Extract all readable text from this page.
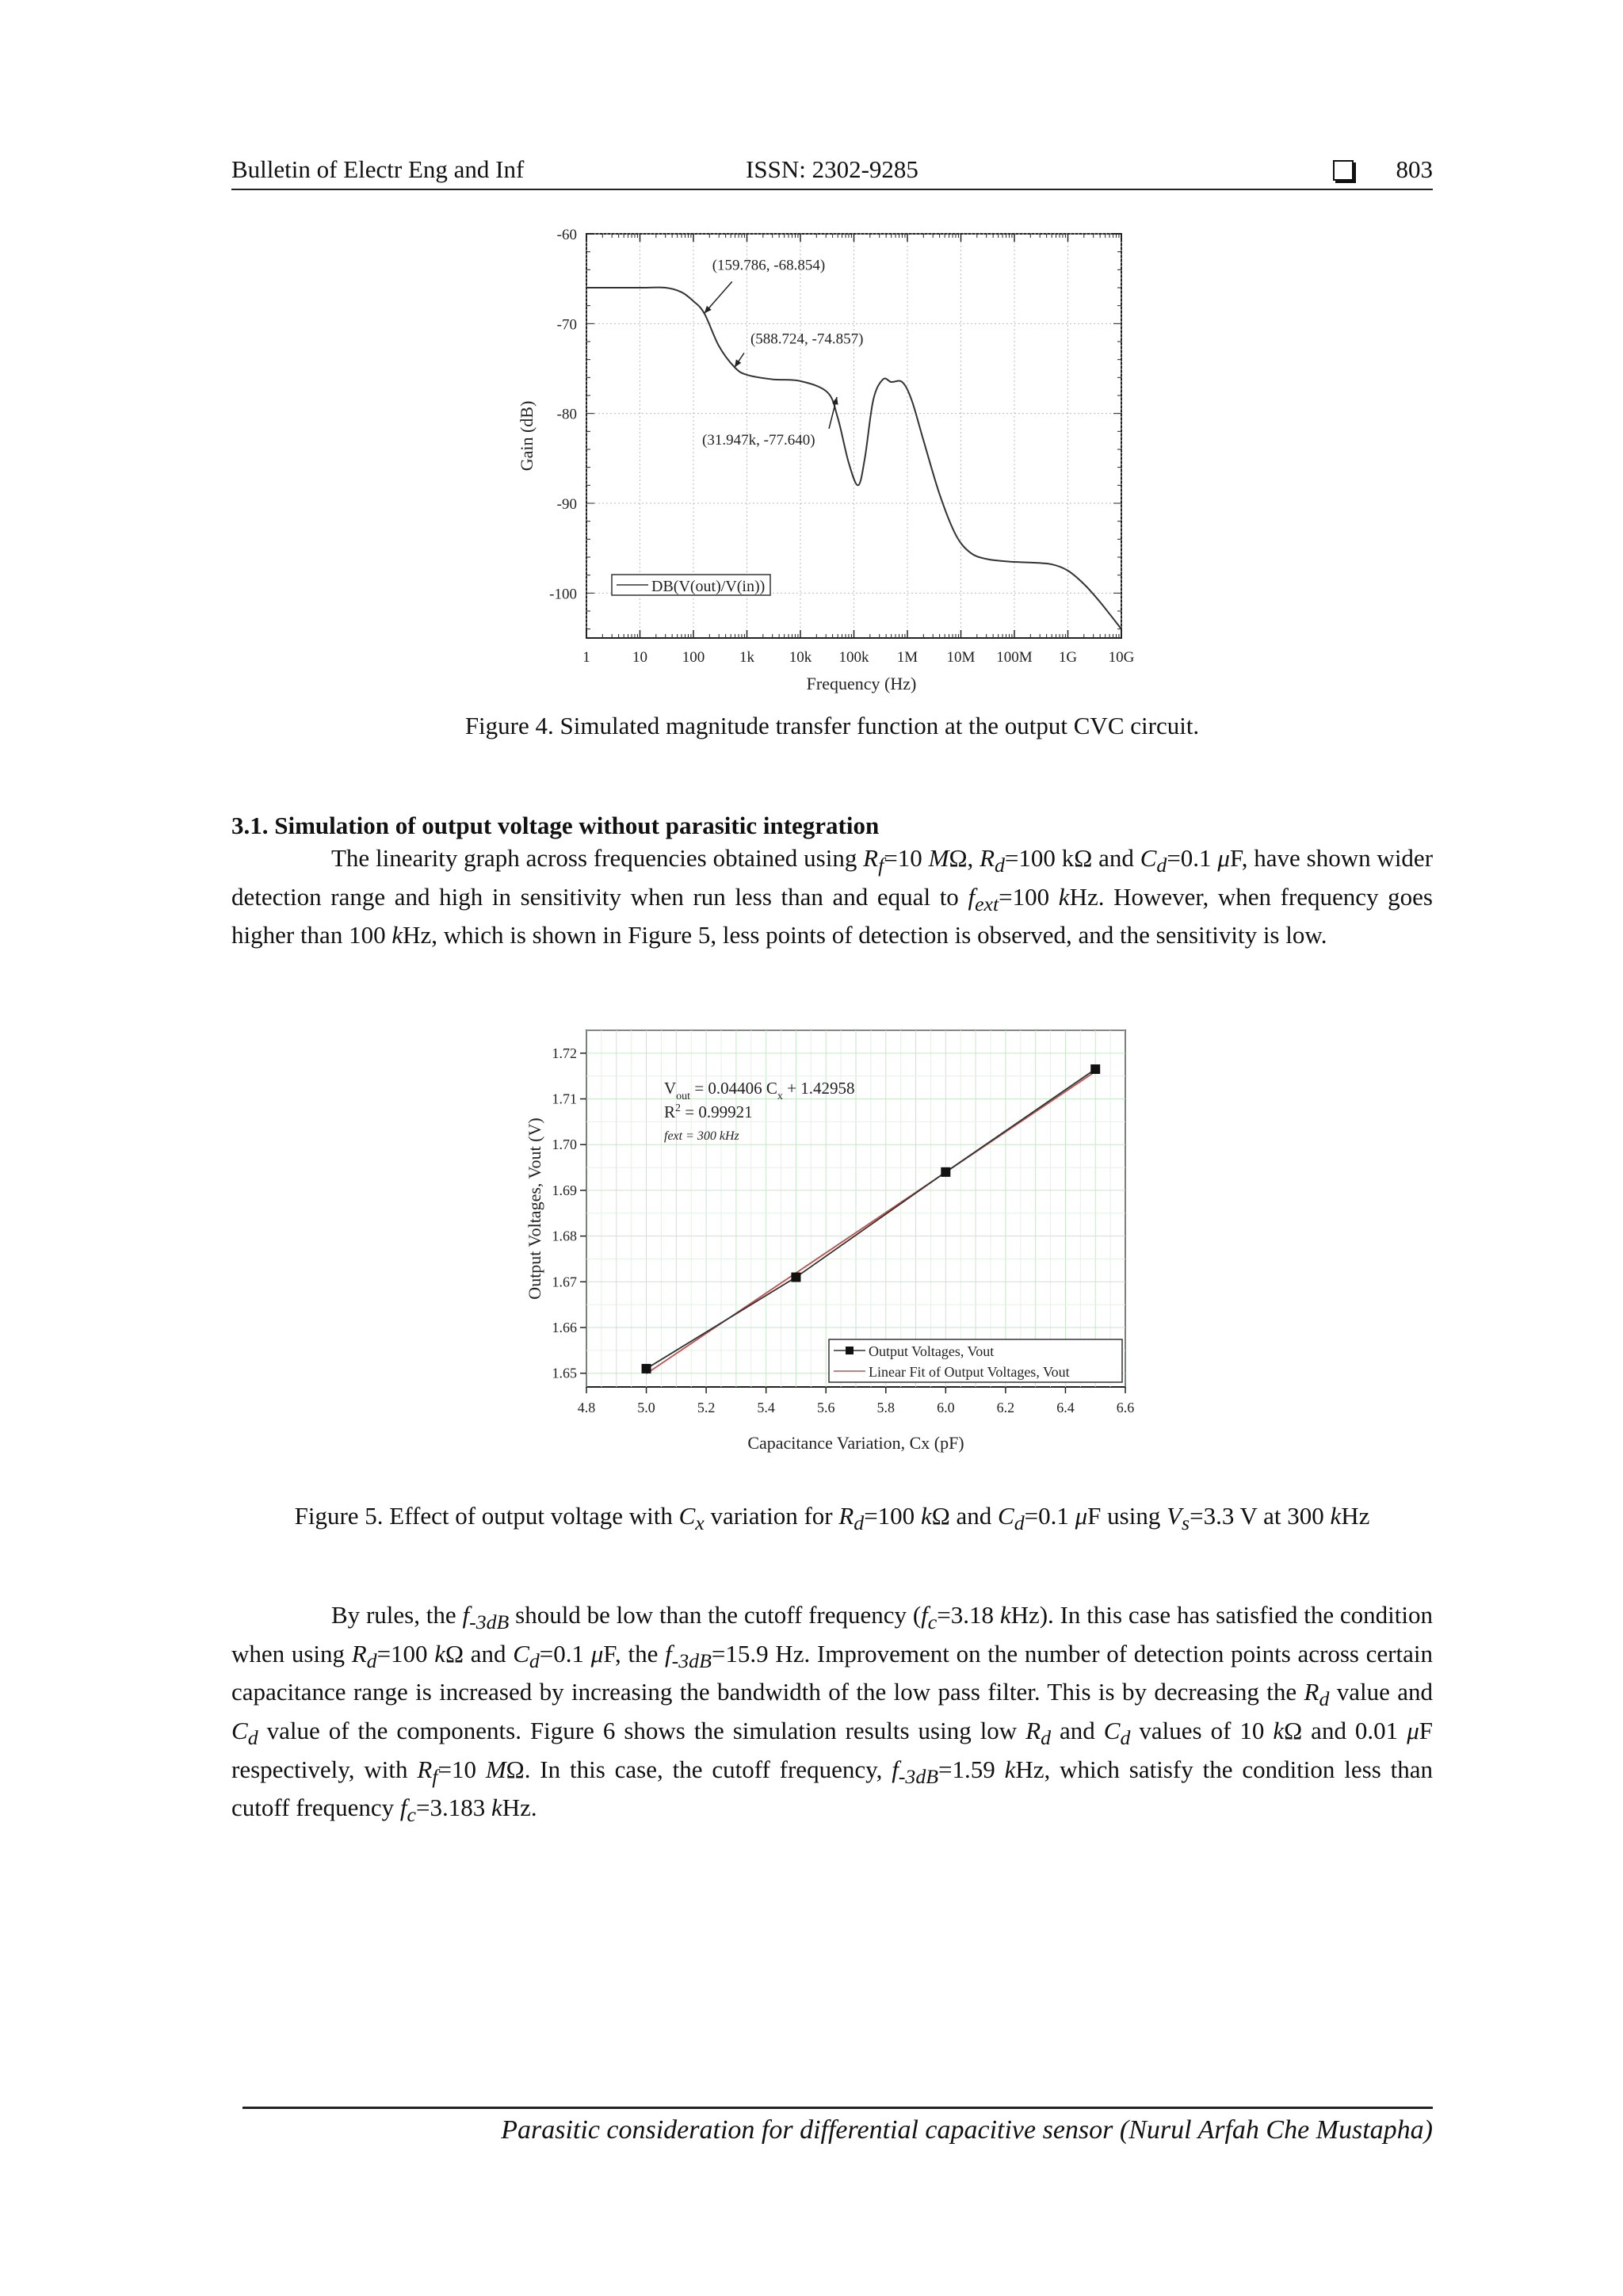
Bulletin of Electr Eng and Inf	ISSN: 2302-9285	803
1	10 100 1k 10k 100k 1M 10M 100M 1G 10G
-60
-70
-80
-90
-100
(159.786, -68.854)
(588.724, -74.857)
(31.947k, -77.640)
DB(V(out)/V(in))
Frequency (Hz)
Gain (dB)
Figure 4. Simulated magnitude transfer function at the output CVC circuit.
3.1. Simulation of output voltage without parasitic integration

The linearity graph across frequencies obtained using $R_f=10$ MΩ, $R_d=100$ kΩ and $C_d=0.1$ μF, have shown wider detection range and high in sensitivity when run less than and equal to $f_{ext}=100$ kHz. However, when frequency goes higher than 100 kHz, which is shown in Figure 5, less points of detection is observed, and the sensitivity is low.

4.8	5.0	5.2	5.4	5.6	5.8	6.0	6.2	6.4	6.6
1.65
1.66
1.67
1.68
1.69
1.70
1.71
1.72
$V_{out} = 0.04406$ $C_x + 1.42958$
$R^2 = 0.99921$
fext = 300 kHz
Output Voltages, Vout
Linear Fit of Output Voltages, Vout
Capacitance Variation, Cx (pF)
Output Voltages, Vout (V)
Figure 5. Effect of output voltage with $C_x$ variation for $R_d=100$ kΩ and $C_d=0.1$ μF using $V_s=3.3$ V at 300 kHz

By rules, the $f_{-3dB}$ should be low than the cutoff frequency ($f_c=3.18$ kHz). In this case has satisfied the condition when using $R_d=100$ kΩ and $C_d=0.1$ μF, the $f_{-3dB}=15.9$ Hz. Improvement on the number of detection points across certain capacitance range is increased by increasing the bandwidth of the low pass filter. This is by decreasing the $R_d$ value and $C_d$ value of the components. Figure 6 shows the simulation results using low $R_d$ and $C_d$ values of 10 kΩ and 0.01 μF respectively, with $R_f=10$ MΩ. In this case, the cutoff frequency, $f_{-3dB}=1.59$ kHz, which satisfy the condition less than cutoff frequency $f_c=3.183$ kHz.

Parasitic consideration for differential capacitive sensor (Nurul Arfah Che Mustapha)
